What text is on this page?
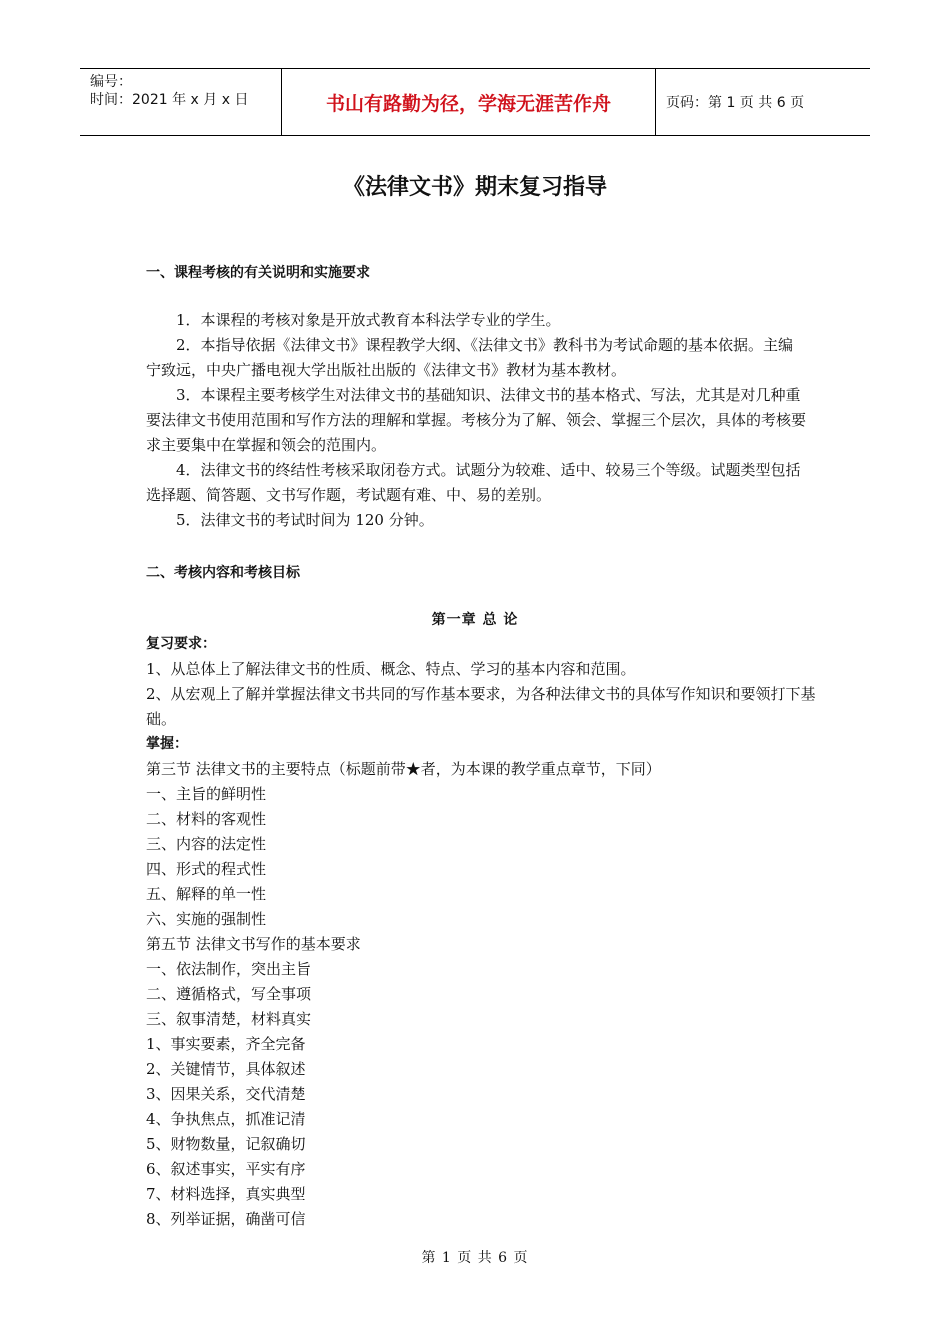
编号：
时间：2021 年 x 月 x 日	书山有路勤为径，学海无涯苦作舟	页码：第 1 页 共 6 页
《法律文书》期末复习指导
一、课程考核的有关说明和实施要求
1．本课程的考核对象是开放式教育本科法学专业的学生。
2．本指导依据《法律文书》课程教学大纲、《法律文书》教科书为考试命题的基本依据。主编宁致远，中央广播电视大学出版社出版的《法律文书》教材为基本教材。
3．本课程主要考核学生对法律文书的基础知识、法律文书的基本格式、写法，尤其是对几种重要法律文书使用范围和写作方法的理解和掌握。考核分为了解、领会、掌握三个层次，具体的考核要求主要集中在掌握和领会的范围内。
4．法律文书的终结性考核采取闭卷方式。试题分为较难、适中、较易三个等级。试题类型包括选择题、简答题、文书写作题，考试题有难、中、易的差别。
5．法律文书的考试时间为 120 分钟。
二、考核内容和考核目标
第一章 总 论
复习要求：
1、从总体上了解法律文书的性质、概念、特点、学习的基本内容和范围。
2、从宏观上了解并掌握法律文书共同的写作基本要求，为各种法律文书的具体写作知识和要领打下基础。
掌握：
第三节 法律文书的主要特点（标题前带★者，为本课的教学重点章节，下同）
一、主旨的鲜明性
二、材料的客观性
三、内容的法定性
四、形式的程式性
五、解释的单一性
六、实施的强制性
第五节 法律文书写作的基本要求
一、依法制作，突出主旨
二、遵循格式，写全事项
三、叙事清楚，材料真实
1、事实要素，齐全完备
2、关键情节，具体叙述
3、因果关系，交代清楚
4、争执焦点，抓准记清
5、财物数量，记叙确切
6、叙述事实，平实有序
7、材料选择，真实典型
8、列举证据，确凿可信
第 1 页 共 6 页
